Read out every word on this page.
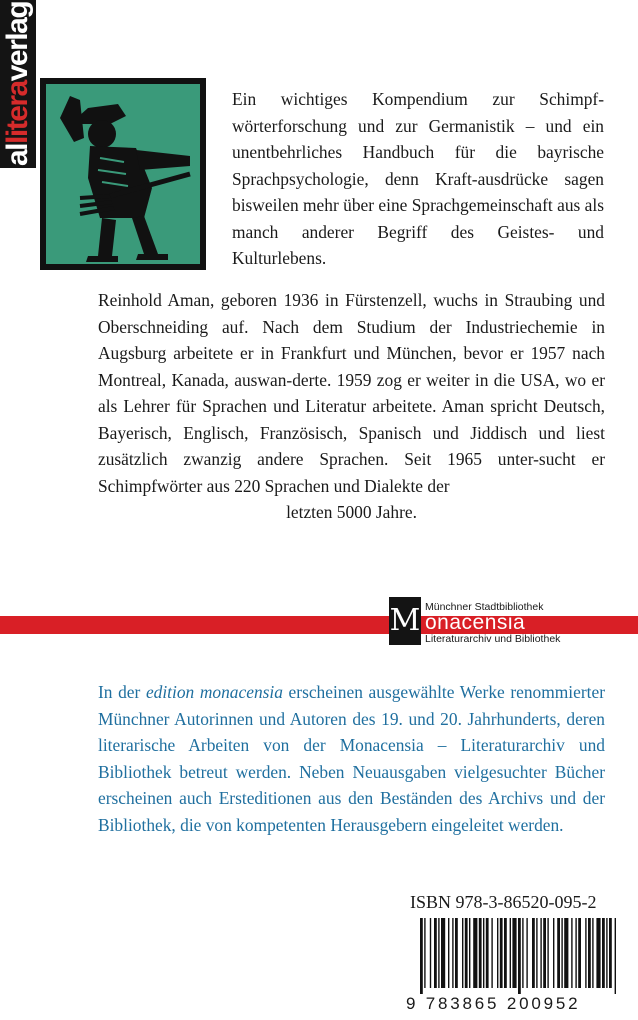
alliteraverlag

Ein wichtiges Kompendium zur Schimpf-wörterforschung und zur Germanistik – und ein unentbehrliches Handbuch für die bayrische Sprachpsychologie, denn Kraft-ausdrücke sagen bisweilen mehr über eine Sprachgemeinschaft aus als manch anderer Begriff des Geistes- und Kulturlebens.

Reinhold Aman, geboren 1936 in Fürstenzell, wuchs in Straubing und Oberschneiding auf. Nach dem Studium der Industriechemie in Augsburg arbeitete er in Frankfurt und München, bevor er 1957 nach Montreal, Kanada, auswan-derte. 1959 zog er weiter in die USA, wo er als Lehrer für Sprachen und Literatur arbeitete. Aman spricht Deutsch, Bayerisch, Englisch, Französisch, Spanisch und Jiddisch und liest zusätzlich zwanzig andere Sprachen. Seit 1965 unter-sucht er Schimpfwörter aus 220 Sprachen und Dialekte der

letzten 5000 Jahre.

M Münchner Stadtbibliothek
onacensia
Literaturarchiv und Bibliothek

In der edition monacensia erscheinen ausgewählte Werke renommierter Münchner Autorinnen und Autoren des 19. und 20. Jahrhunderts, deren literarische Arbeiten von der Monacensia – Literaturarchiv und Bibliothek betreut werden. Neben Neuausgaben vielgesuchter Bücher erscheinen auch Ersteditionen aus den Beständen des Archivs und der Bibliothek, die von kompetenten Herausgebern eingeleitet werden.

ISBN 978-3-86520-095-2
9 783865 200952
